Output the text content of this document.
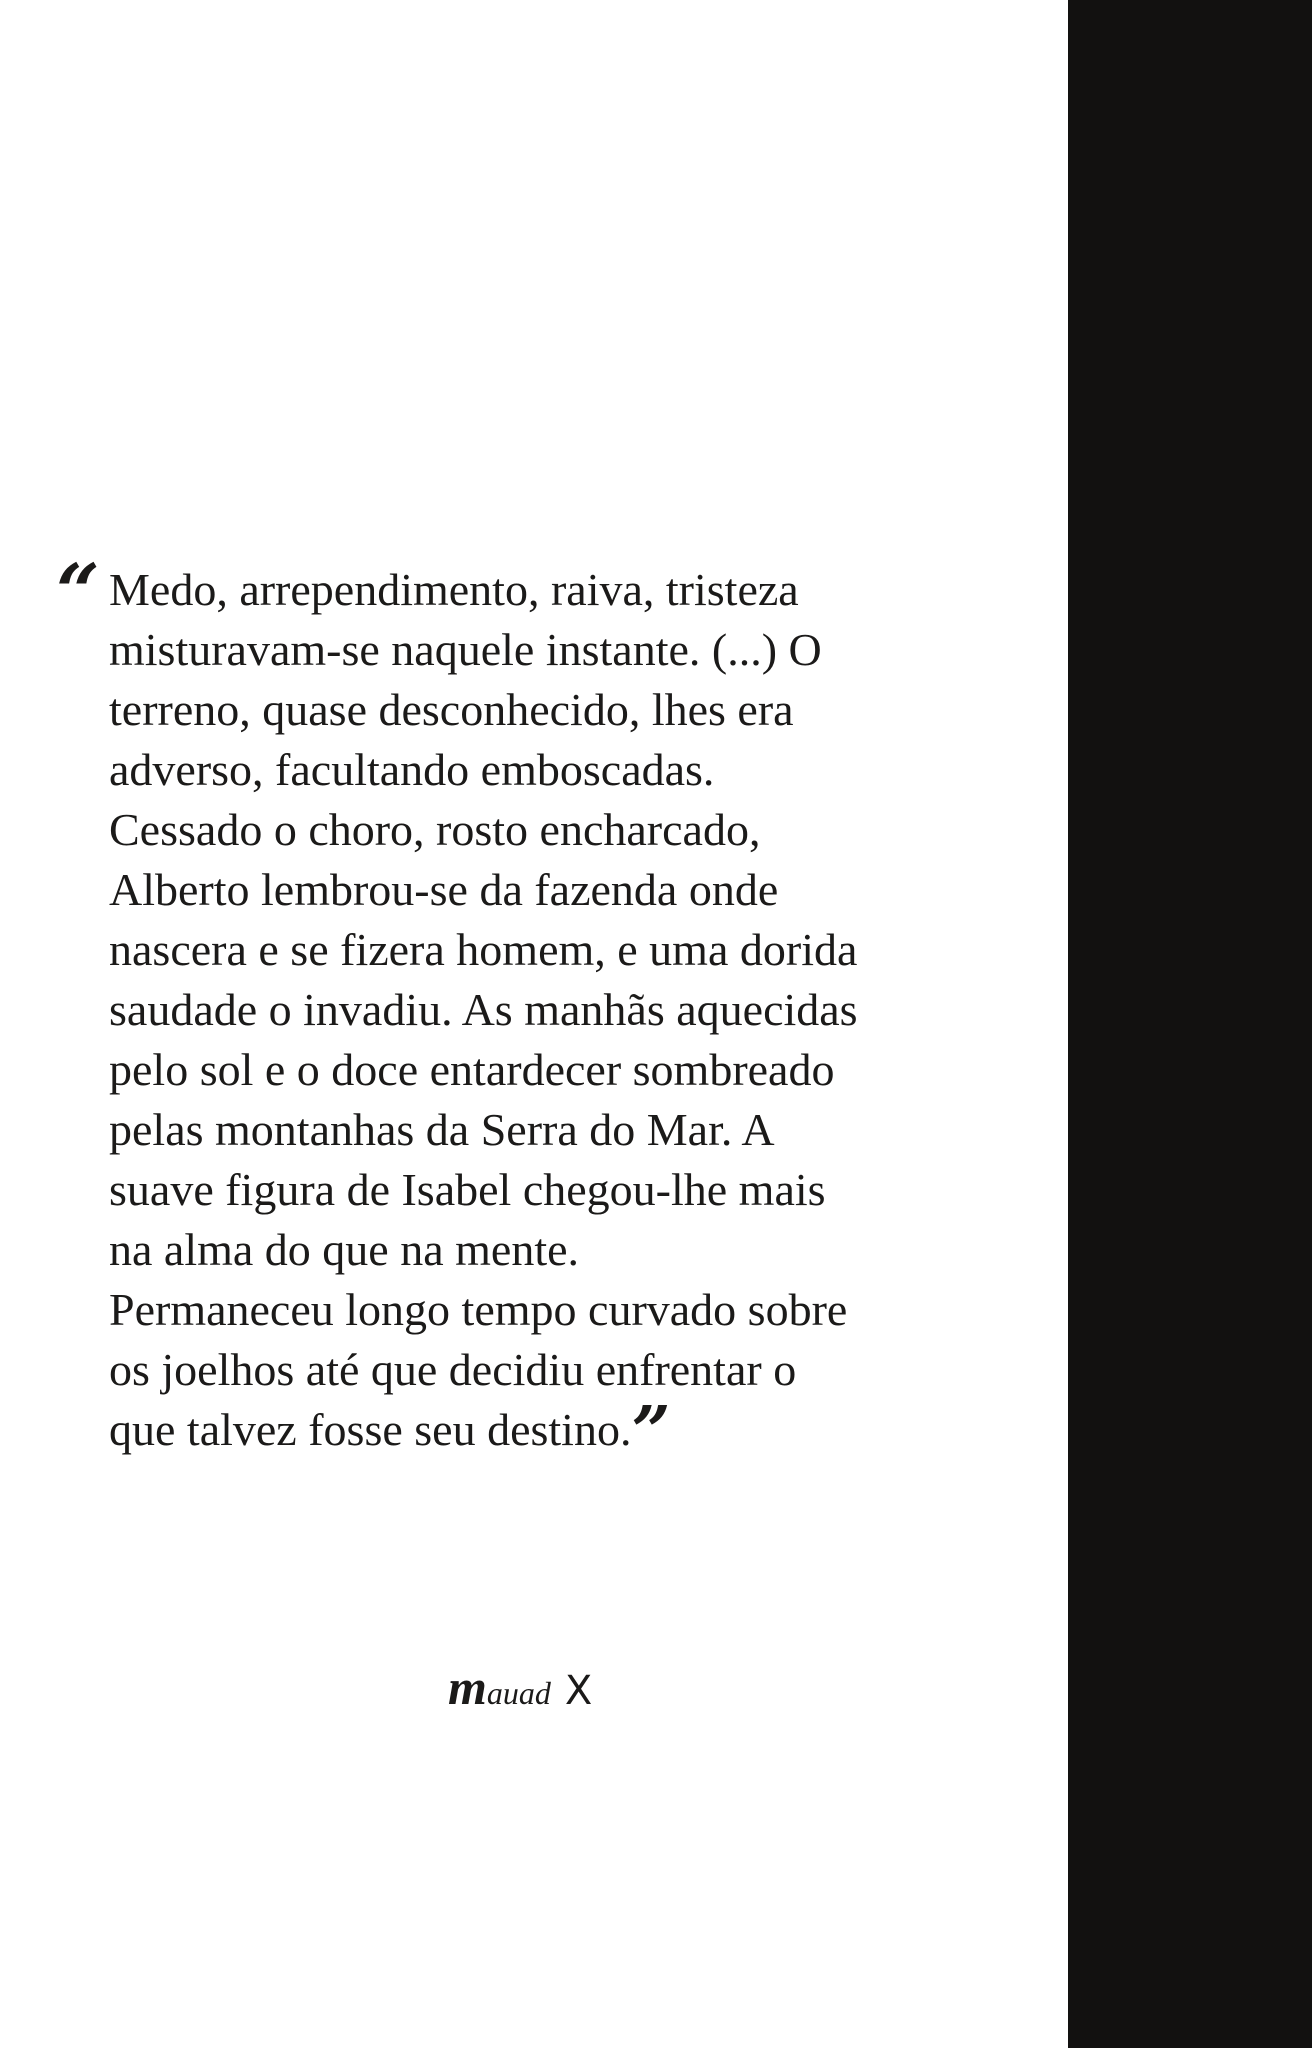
“ Medo, arrependimento, raiva, tristeza
misturavam-se naquele instante. (...) O
terreno, quase desconhecido, lhes era
adverso, facultando emboscadas.
Cessado o choro, rosto encharcado,
Alberto lembrou-se da fazenda onde
nascera e se fizera homem, e uma dorida
saudade o invadiu. As manhãs aquecidas
pelo sol e o doce entardecer sombreado
pelas montanhas da Serra do Mar. A
suave figura de Isabel chegou-lhe mais
na alma do que na mente.
Permaneceu longo tempo curvado sobre
os joelhos até que decidiu enfrentar o
que talvez fosse seu destino.”
mauad X
